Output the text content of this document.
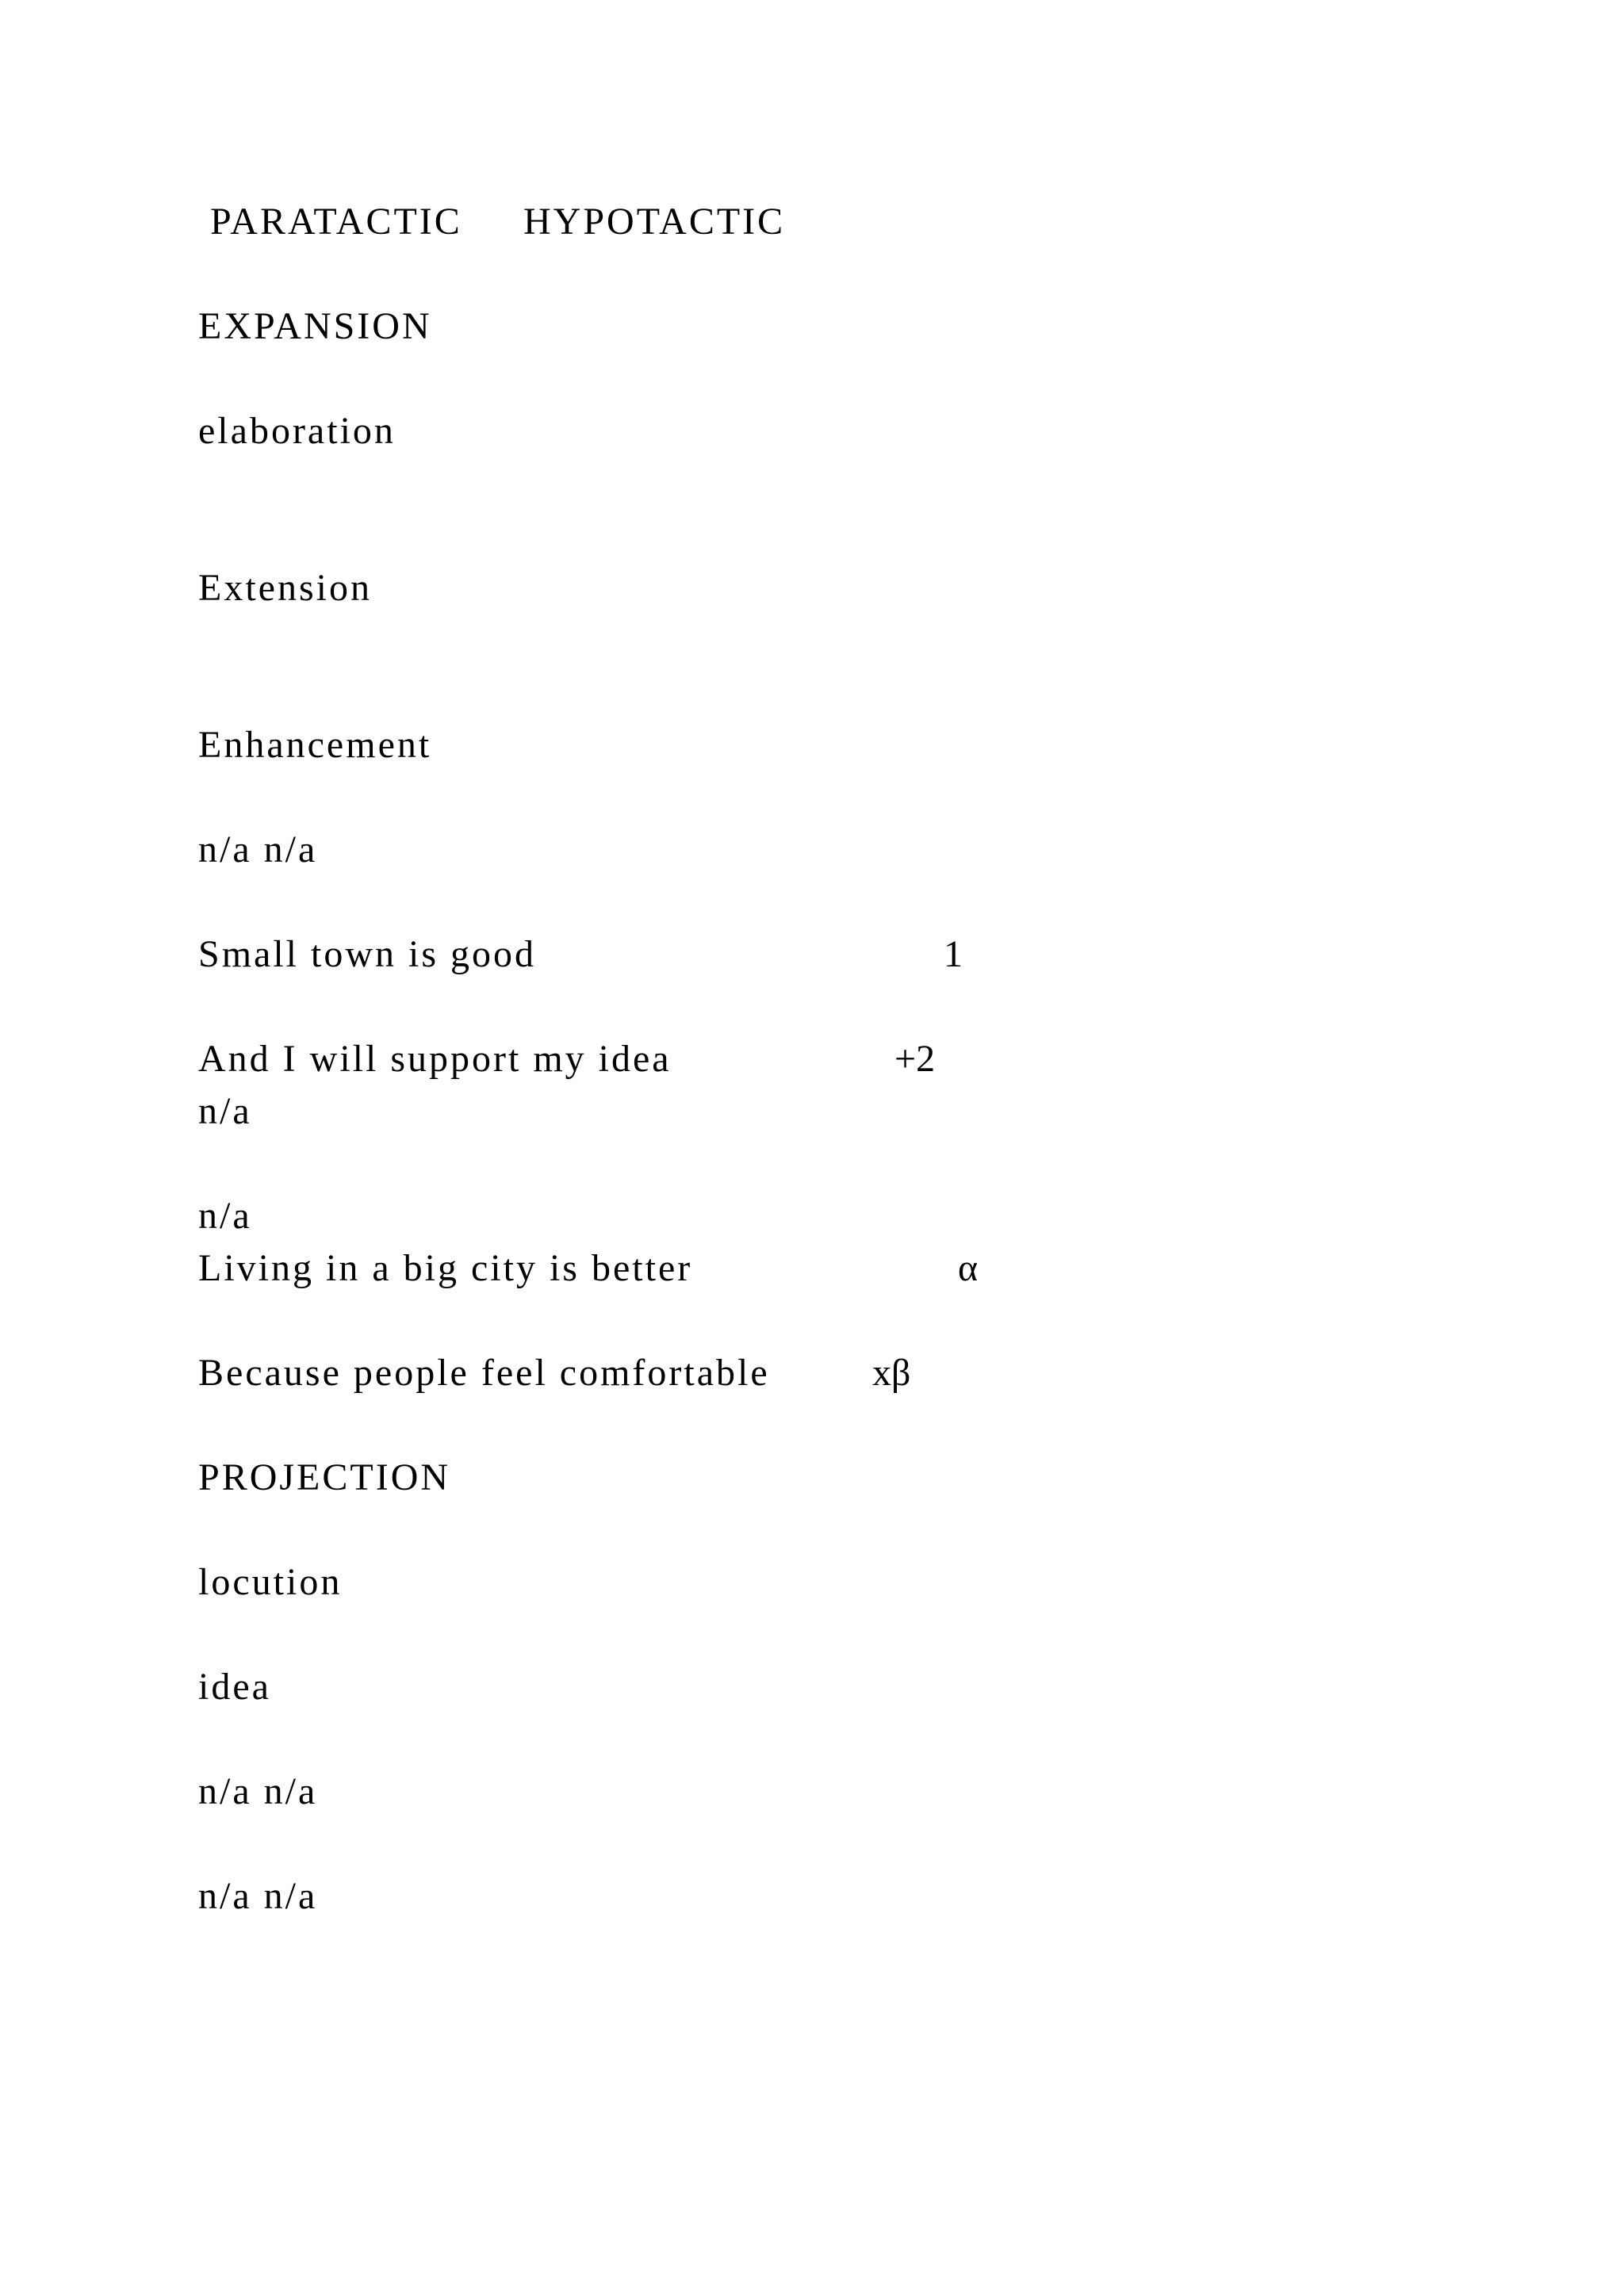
PARATACTIC HYPOTACTIC
EXPANSION
elaboration
Extension
Enhancement
n/a n/a
Small town is good	1
And I will support my idea	+2
n/a
n/a
Living in a big city is better	α
Because people feel comfortable	xβ
PROJECTION
locution
idea
n/a n/a
n/a n/a
